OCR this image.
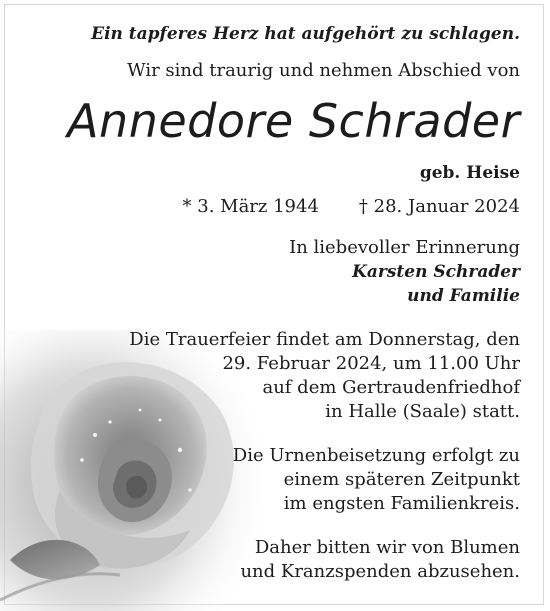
Ein tapferes Herz hat aufgehört zu schlagen.
Wir sind traurig und nehmen Abschied von
Annedore Schrader
geb. Heise
* 3. März 1944 † 28. Januar 2024
In liebevoller Erinnerung
Karsten Schrader
und Familie
Die Trauerfeier findet am Donnerstag, den
29. Februar 2024, um 11.00 Uhr
auf dem Gertraudenfriedhof
in Halle (Saale) statt.
Die Urnenbeisetzung erfolgt zu
einem späteren Zeitpunkt
im engsten Familienkreis.
Daher bitten wir von Blumen
und Kranzspenden abzusehen.
